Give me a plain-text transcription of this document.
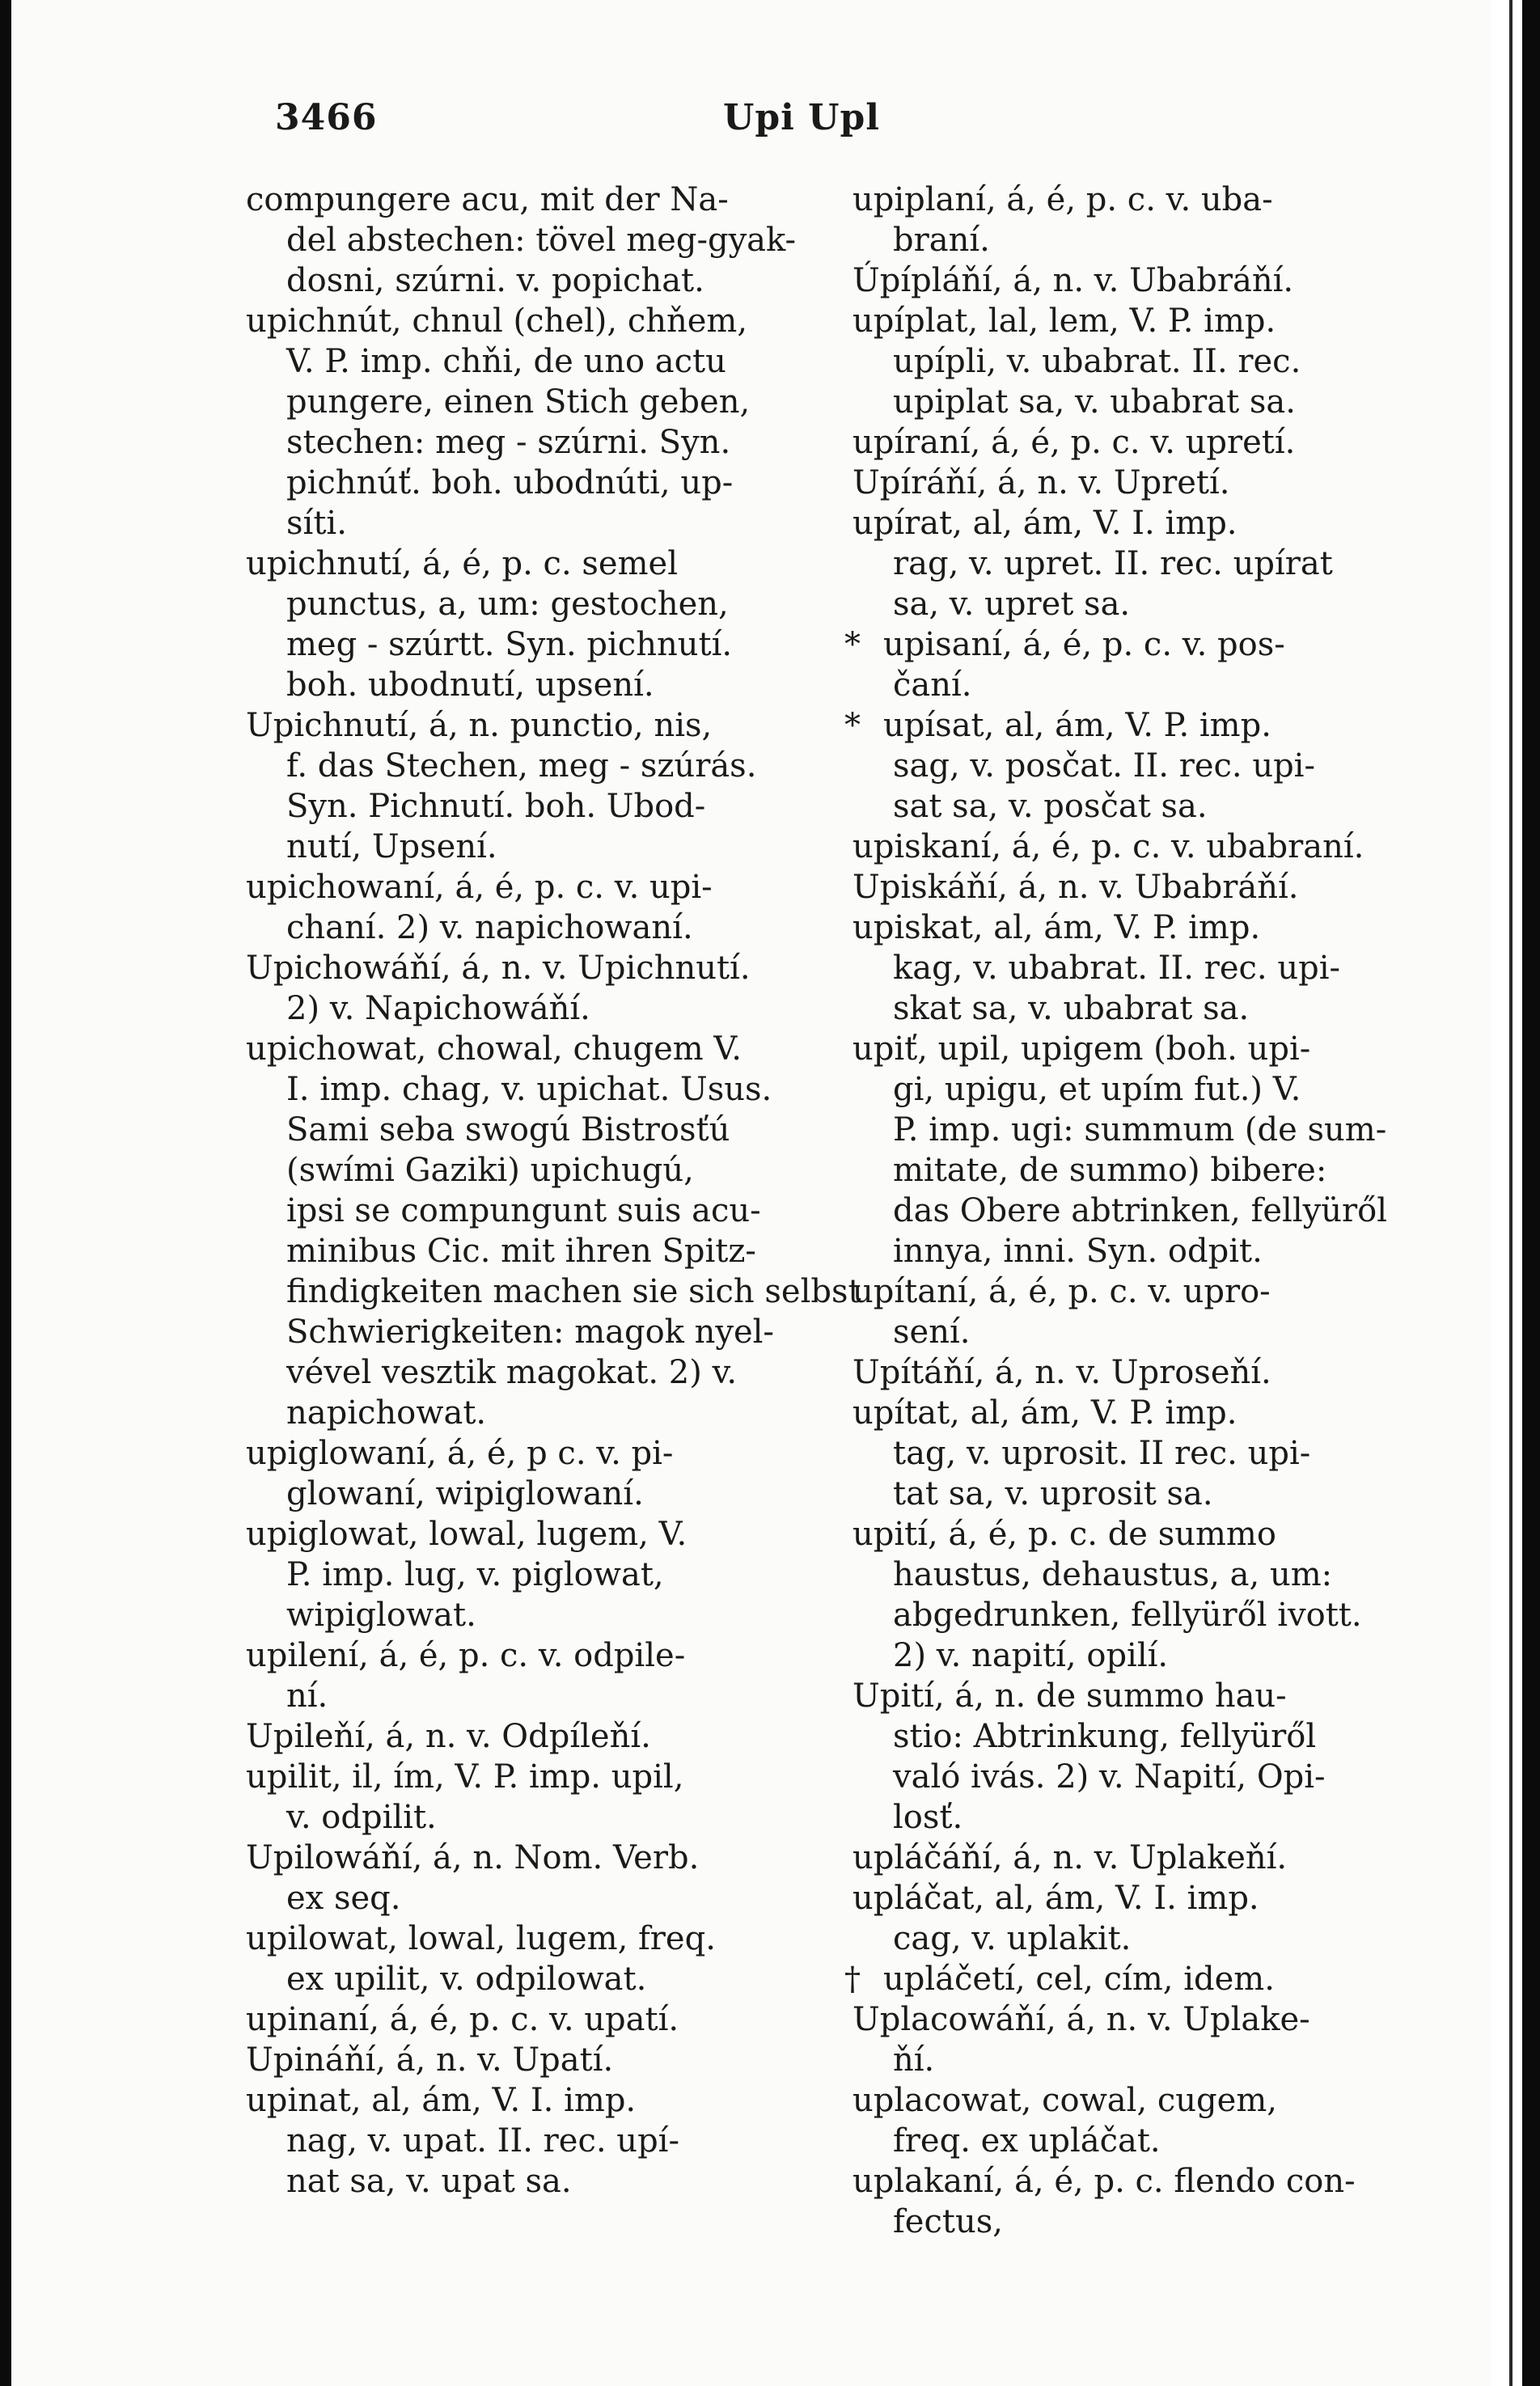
3466	Upi Upl
compungere acu, mit der Na-
del abstechen: tövel meg-gyak-
dosni, szúrni. v. popichat.
upichnút, chnul (chel), chňem,
V. P. imp. chňi, de uno actu
pungere, einen Stich geben,
stechen: meg - szúrni. Syn.
pichnúť. boh. ubodnúti, up-
síti.
upichnutí, á, é, p. c. semel
punctus, a, um: gestochen,
meg - szúrtt. Syn. pichnutí.
boh. ubodnutí, upsení.
Upichnutí, á, n. punctio, nis,
f. das Stechen, meg - szúrás.
Syn. Pichnutí. boh. Ubod-
nutí, Upsení.
upichowaní, á, é, p. c. v. upi-
chaní. 2) v. napichowaní.
Upichowáňí, á, n. v. Upichnutí.
2) v. Napichowáňí.
upichowat, chowal, chugem V.
I. imp. chag, v. upichat. Usus.
Sami seba swogú Bistrosťú
(swími Gaziki) upichugú,
ipsi se compungunt suis acu-
minibus Cic. mit ihren Spitz-
findigkeiten machen sie sich selbst
Schwierigkeiten: magok nyel-
vével vesztik magokat. 2) v.
napichowat.
upiglowaní, á, é, p c. v. pi-
glowaní, wipiglowaní.
upiglowat, lowal, lugem, V.
P. imp. lug, v. piglowat,
wipiglowat.
upilení, á, é, p. c. v. odpile-
ní.
Upileňí, á, n. v. Odpíleňí.
upilit, il, ím, V. P. imp. upil,
v. odpilit.
Upilowáňí, á, n. Nom. Verb.
ex seq.
upilowat, lowal, lugem, freq.
ex upilit, v. odpilowat.
upinaní, á, é, p. c. v. upatí.
Upináňí, á, n. v. Upatí.
upinat, al, ám, V. I. imp.
nag, v. upat. II. rec. upí-
nat sa, v. upat sa.
upiplaní, á, é, p. c. v. uba-
braní.
Úpípláňí, á, n. v. Ubabráňí.
upíplat, lal, lem, V. P. imp.
upípli, v. ubabrat. II. rec.
upiplat sa, v. ubabrat sa.
upíraní, á, é, p. c. v. upretí.
Upíráňí, á, n. v. Upretí.
upírat, al, ám, V. I. imp.
rag, v. upret. II. rec. upírat
sa, v. upret sa.
* upisaní, á, é, p. c. v. pos-
čaní.
* upísat, al, ám, V. P. imp.
sag, v. posčat. II. rec. upi-
sat sa, v. posčat sa.
upiskaní, á, é, p. c. v. ubabraní.
Upiskáňí, á, n. v. Ubabráňí.
upiskat, al, ám, V. P. imp.
kag, v. ubabrat. II. rec. upi-
skat sa, v. ubabrat sa.
upiť, upil, upigem (boh. upi-
gi, upigu, et upím fut.) V.
P. imp. ugi: summum (de sum-
mitate, de summo) bibere:
das Obere abtrinken, fellyüről
innya, inni. Syn. odpit.
upítaní, á, é, p. c. v. upro-
sení.
Upítáňí, á, n. v. Uproseňí.
upítat, al, ám, V. P. imp.
tag, v. uprosit. II rec. upi-
tat sa, v. uprosit sa.
upití, á, é, p. c. de summo
haustus, dehaustus, a, um:
abgedrunken, fellyüről ivott.
2) v. napití, opilí.
Upití, á, n. de summo hau-
stio: Abtrinkung, fellyüről
való ivás. 2) v. Napití, Opi-
losť.
upláčáňí, á, n. v. Uplakeňí.
upláčat, al, ám, V. I. imp.
cag, v. uplakit.
† upláčetí, cel, cím, idem.
Uplacowáňí, á, n. v. Uplake-
ňí.
uplacowat, cowal, cugem,
freq. ex upláčat.
uplakaní, á, é, p. c. flendo con-
fectus,
